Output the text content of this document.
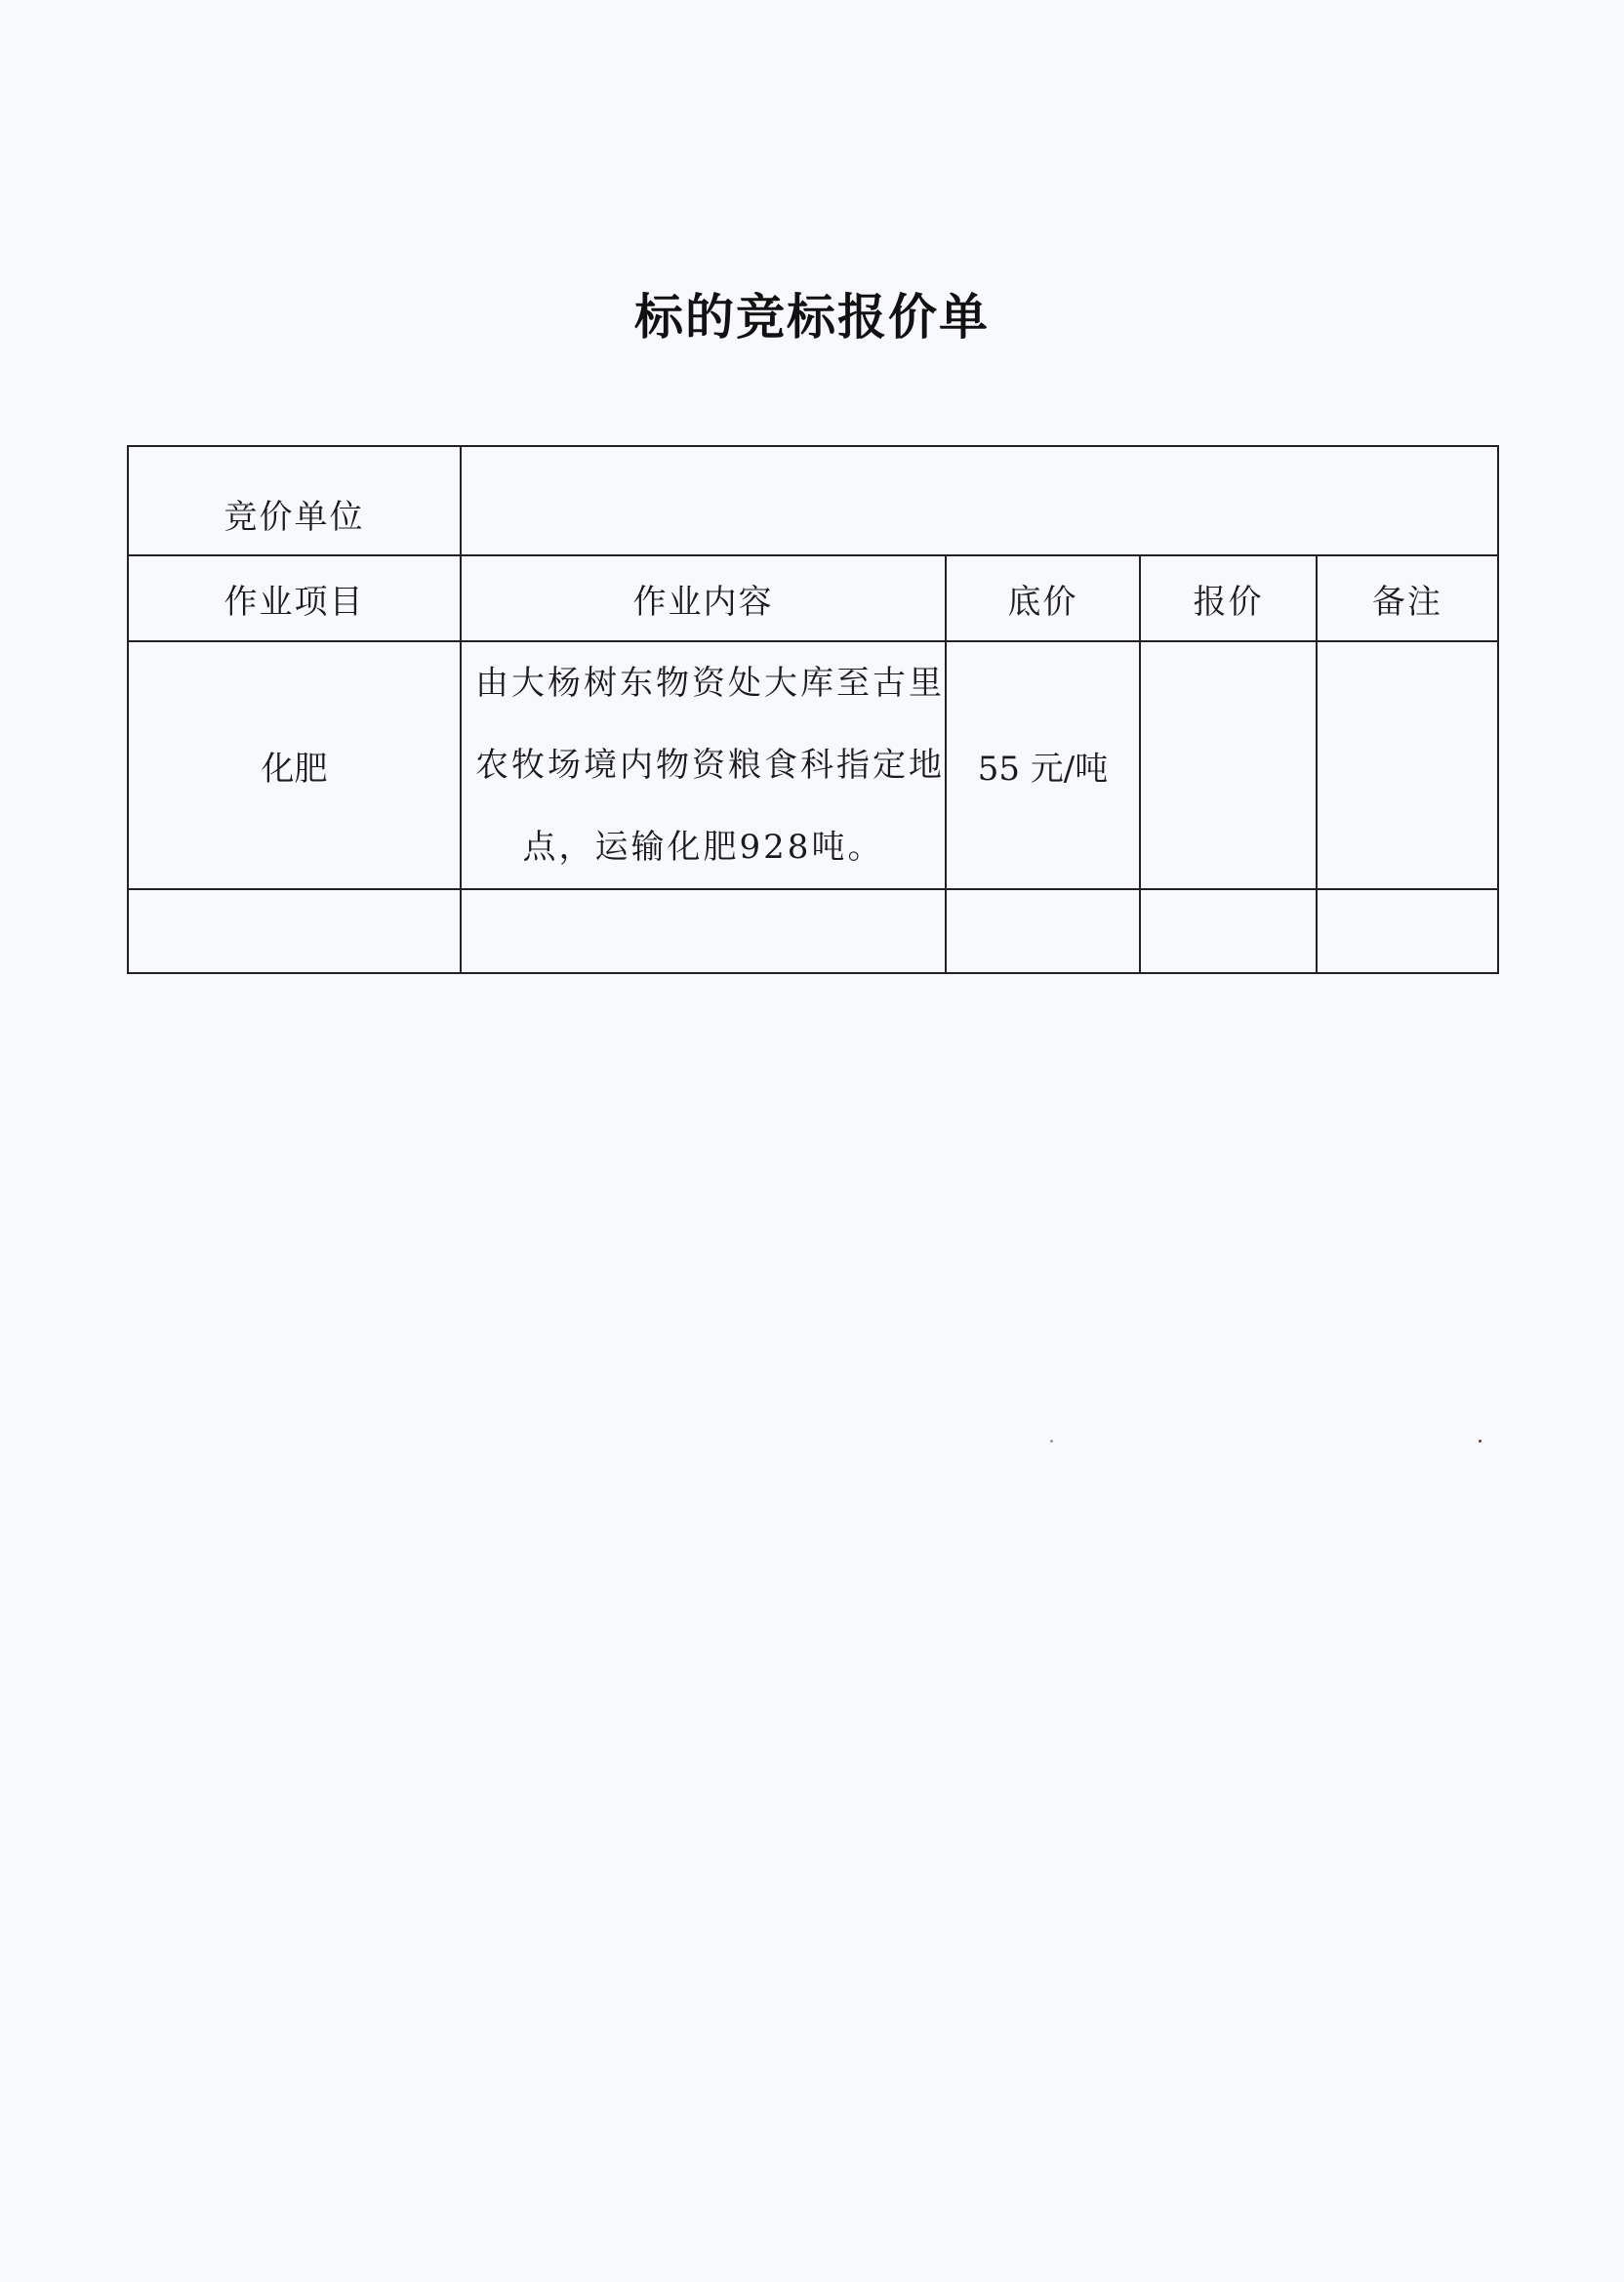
标的竞标报价单
竞价单位				
作业项目	作业内容	底价	报价	备注
化肥	由大杨树东物资处大库至古里
农牧场境内物资粮食科指定地
点，运输化肥928吨。	55 元/吨		
